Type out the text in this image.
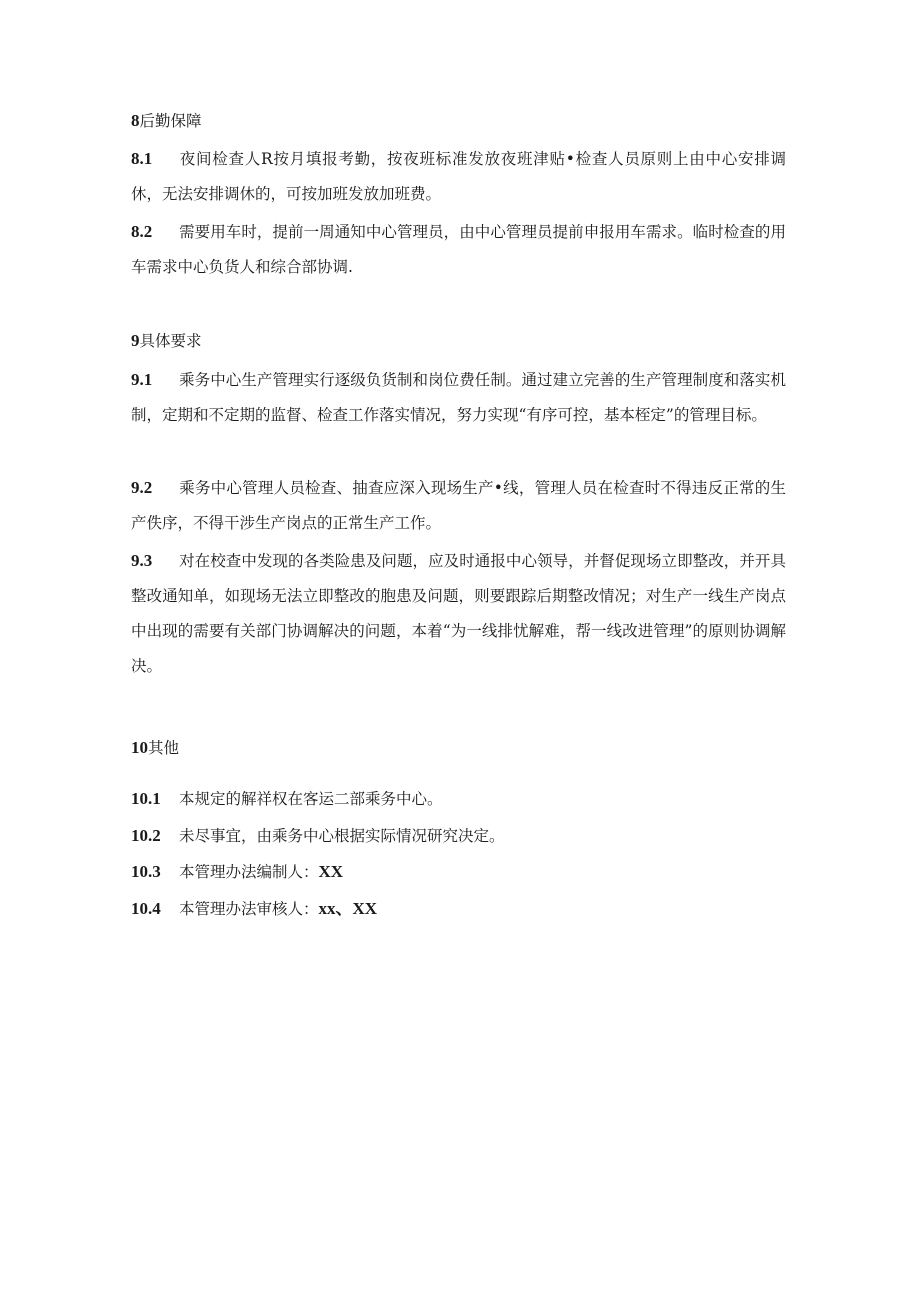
8后勤保障
8.1 夜间检查人R按月填报考勤，按夜班标准发放夜班津贴•检查人员原则上由中心安排调休，无法安排调休的，可按加班发放加班费。
8.2 需要用车时，提前一周通知中心管理员，由中心管理员提前申报用车需求。临时检查的用车需求中心负货人和综合部协调.
9具体要求
9.1 乘务中心生产管理实行逐级负货制和岗位费任制。通过建立完善的生产管理制度和落实机制，定期和不定期的监督、检查工作落实情况，努力实现“有序可控，基本桎定”的管理目标。
9.2 乘务中心管理人员检查、抽查应深入现场生产•线，管理人员在检查时不得违反正常的生产佚序，不得干涉生产岗点的正常生产工作。
9.3 对在校查中发现的各类险患及问题，应及时通报中心领导，并督促现场立即整改，并开具整改通知单，如现场无法立即整改的胞患及问题，则要跟踪后期整改情况；对生产一线生产岗点中出现的需要有关部门协调解决的问题，本着“为一线排忧解难，帮一线改进管理”的原则协调解决。
10其他
10.1 本规定的解祥权在客运二部乘务中心。
10.2 未尽事宜，由乘务中心根据实际情况研究决定。
10.3 本管理办法编制人：XX
10.4 本管理办法审核人：xx、XX
